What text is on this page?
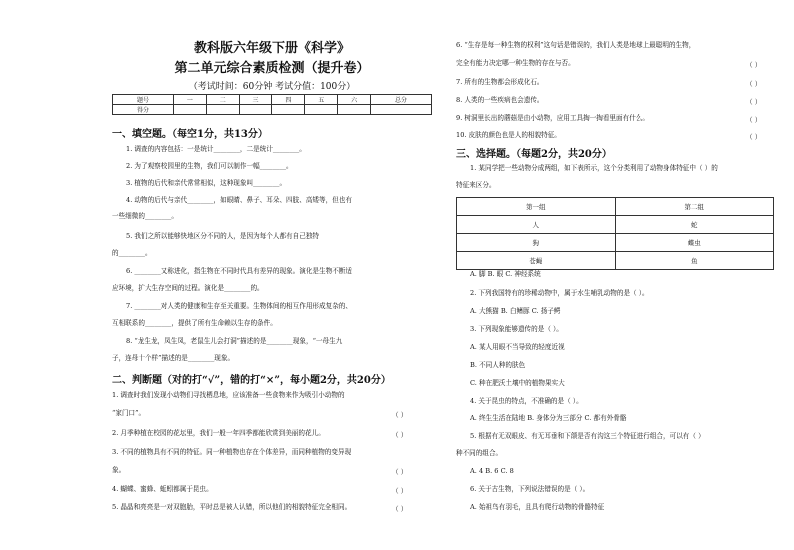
教科版六年级下册《科学》
第二单元综合素质检测（提升卷）
（考试时间：60分钟 考试分值：100分）
题号	一	二	三	四	五	六	总分
得分							
一、填空题。（每空1分，共13分）
1. 调查的内容包括：一是统计________，二是统计________。
2. 为了观察校园里的生物，我们可以制作一幅________。
3. 植物的后代和亲代常常相似，这种现象叫________。
4. 动物的后代与亲代________，如眼睛、鼻子、耳朵、四肢、高矮等，但也有
一些细微的________。
5. 我们之所以能够快地区分不同的人，是因为每个人都有自己独特
的________。
6. ________又称进化，指生物在不同时代具有差异的现象。演化是生物不断适
应环境，扩大生存空间的过程。演化是________的。
7. ________对人类的健康和生存至关重要。生物体间的相互作用形成复杂的、
互相联系的________，提供了所有生命赖以生存的条件。
8. “龙生龙，凤生凤，老鼠生儿会打洞”描述的是________现象，“一母生九
子，连母十个样”描述的是________现象。
二、判断题（对的打“√”，错的打“×”，每小题2分，共20分）
1. 调查时我们发现小动物们寻找栖息地，应该准备一些食物来作为吸引小动物的
“家门口”。	（ ）
2. 月季种植在校园的花坛里，我们一般一年四季都能欣赏到美丽的花儿。	（ ）
3. 不同的植物具有不同的特征。同一种植物也存在个体差异，而同种植物的变异现
象。	（ ）
4. 蝴蝶、蜜蜂、蚯蚓都属于昆虫。	（ ）
5. 晶晶和亮亮是一对双胞胎，平时总是被人认错，所以他们的相貌特征完全相同。	（ ）
6. “生存是每一种生物的权利”这句话是错误的，我们人类是地球上最聪明的生物，
完全有能力决定哪一种生物的存在与否。	（ ）
7. 所有的生物都会形成化石。	（ ）
8. 人类的一些疾病也会遗传。	（ ）
9. 树洞里长出的蘑菇是由小动物，应用工具掏一掏看里面有什么。	（ ）
10. 皮肤的颜色也是人的相貌特征。	（ ）
三、选择题。（每题2分，共20分）
1. 某同学把一些动物分成两组，如下表所示，这个分类利用了动物身体特征中（ ）的
特征来区分。
第一组	第二组
人	蛇
狗	蝶虫
苍蝇	鱼
A. 脚 B. 眼 C. 神经系统
2. 下列我国特有的珍稀动物中，属于水生哺乳动物的是（ ）。
A. 大熊猫 B. 白鳍豚 C. 扬子鳄
3. 下列现象能够遗传的是（ ）。
A. 某人用眼不当导致的轻度近视
B. 不同人种的肤色
C. 种在肥沃土壤中的植物果实大
4. 关于昆虫的特点，不准确的是（ ）。
A. 终生生活在陆地 B. 身体分为三部分 C. 都有外骨骼
5. 根据有无双眼皮、有无耳垂和下颌是否有沟这三个特征进行组合，可以有（ ）
种不同的组合。
A. 4 B. 6 C. 8
6. 关于古生物，下列说法错误的是（ ）。
A. 始祖鸟有羽毛，且具有爬行动物的骨骼特征
